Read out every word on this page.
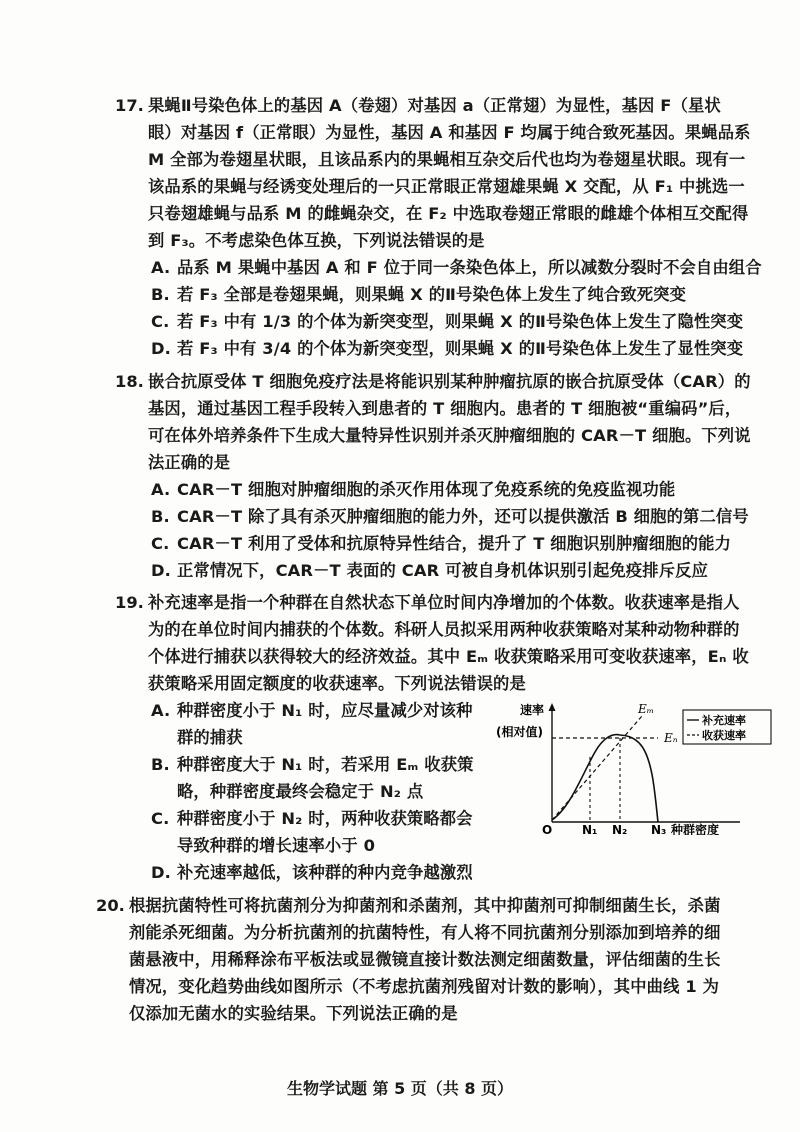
17. 果蝇Ⅱ号染色体上的基因 A（卷翅）对基因 a（正常翅）为显性，基因 F（星状
眼）对基因 f（正常眼）为显性，基因 A 和基因 F 均属于纯合致死基因。果蝇品系
M 全部为卷翅星状眼，且该品系内的果蝇相互杂交后代也均为卷翅星状眼。现有一
该品系的果蝇与经诱变处理后的一只正常眼正常翅雄果蝇 X 交配，从 F₁ 中挑选一
只卷翅雄蝇与品系 M 的雌蝇杂交，在 F₂ 中选取卷翅正常眼的雌雄个体相互交配得
到 F₃。不考虑染色体互换，下列说法错误的是
A. 品系 M 果蝇中基因 A 和 F 位于同一条染色体上，所以减数分裂时不会自由组合
B. 若 F₃ 全部是卷翅果蝇，则果蝇 X 的Ⅱ号染色体上发生了纯合致死突变
C. 若 F₃ 中有 1/3 的个体为新突变型，则果蝇 X 的Ⅱ号染色体上发生了隐性突变
D. 若 F₃ 中有 3/4 的个体为新突变型，则果蝇 X 的Ⅱ号染色体上发生了显性突变
18. 嵌合抗原受体 T 细胞免疫疗法是将能识别某种肿瘤抗原的嵌合抗原受体（CAR）的
基因，通过基因工程手段转入到患者的 T 细胞内。患者的 T 细胞被“重编码”后，
可在体外培养条件下生成大量特异性识别并杀灭肿瘤细胞的 CAR－T 细胞。下列说
法正确的是
A. CAR－T 细胞对肿瘤细胞的杀灭作用体现了免疫系统的免疫监视功能
B. CAR－T 除了具有杀灭肿瘤细胞的能力外，还可以提供激活 B 细胞的第二信号
C. CAR－T 利用了受体和抗原特异性结合，提升了 T 细胞识别肿瘤细胞的能力
D. 正常情况下，CAR－T 表面的 CAR 可被自身机体识别引起免疫排斥反应
19. 补充速率是指一个种群在自然状态下单位时间内净增加的个体数。收获速率是指人
为的在单位时间内捕获的个体数。科研人员拟采用两种收获策略对某种动物种群的
个体进行捕获以获得较大的经济效益。其中 Eₘ 收获策略采用可变收获速率，Eₙ 收
获策略采用固定额度的收获速率。下列说法错误的是
A. 种群密度小于 N₁ 时，应尽量减少对该种
群的捕获
B. 种群密度大于 N₁ 时，若采用 Eₘ 收获策
略，种群密度最终会稳定于 N₂ 点
C. 种群密度小于 N₂ 时，两种收获策略都会
导致种群的增长速率小于 0
D. 补充速率越低，该种群的种内竞争越激烈
速率
(相对值)
Eₘ
Eₙ
O N₁ N₂ N₃ 种群密度
补充速率
收获速率
20. 根据抗菌特性可将抗菌剂分为抑菌剂和杀菌剂，其中抑菌剂可抑制细菌生长，杀菌
剂能杀死细菌。为分析抗菌剂的抗菌特性，有人将不同抗菌剂分别添加到培养的细
菌悬液中，用稀释涂布平板法或显微镜直接计数法测定细菌数量，评估细菌的生长
情况，变化趋势曲线如图所示（不考虑抗菌剂残留对计数的影响），其中曲线 1 为
仅添加无菌水的实验结果。下列说法正确的是
生物学试题 第 5 页（共 8 页）
